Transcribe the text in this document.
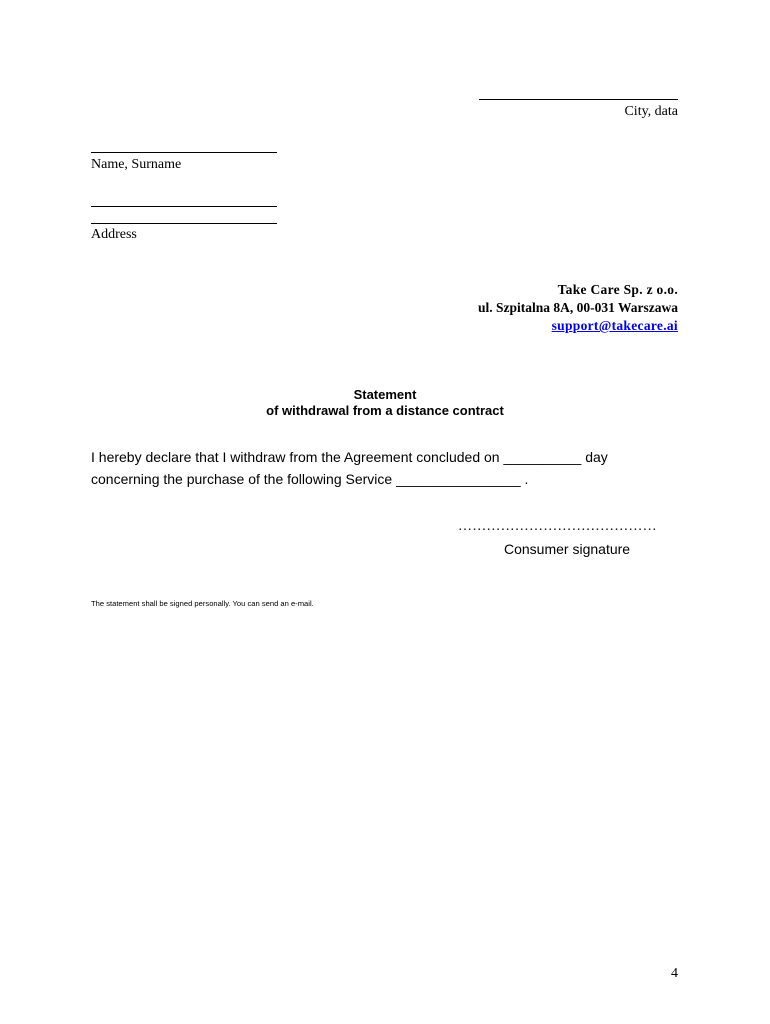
City, data
Name, Surname
Address
Take Care Sp. z o.o.
ul. Szpitalna 8A, 00-031 Warszawa
support@takecare.ai
Statement
of withdrawal from a distance contract
I hereby declare that I withdraw from the Agreement concluded on __________ day
concerning the purchase of the following Service ________________ .
……………………………………
Consumer signature
The statement shall be signed personally. You can send an e-mail.
4
